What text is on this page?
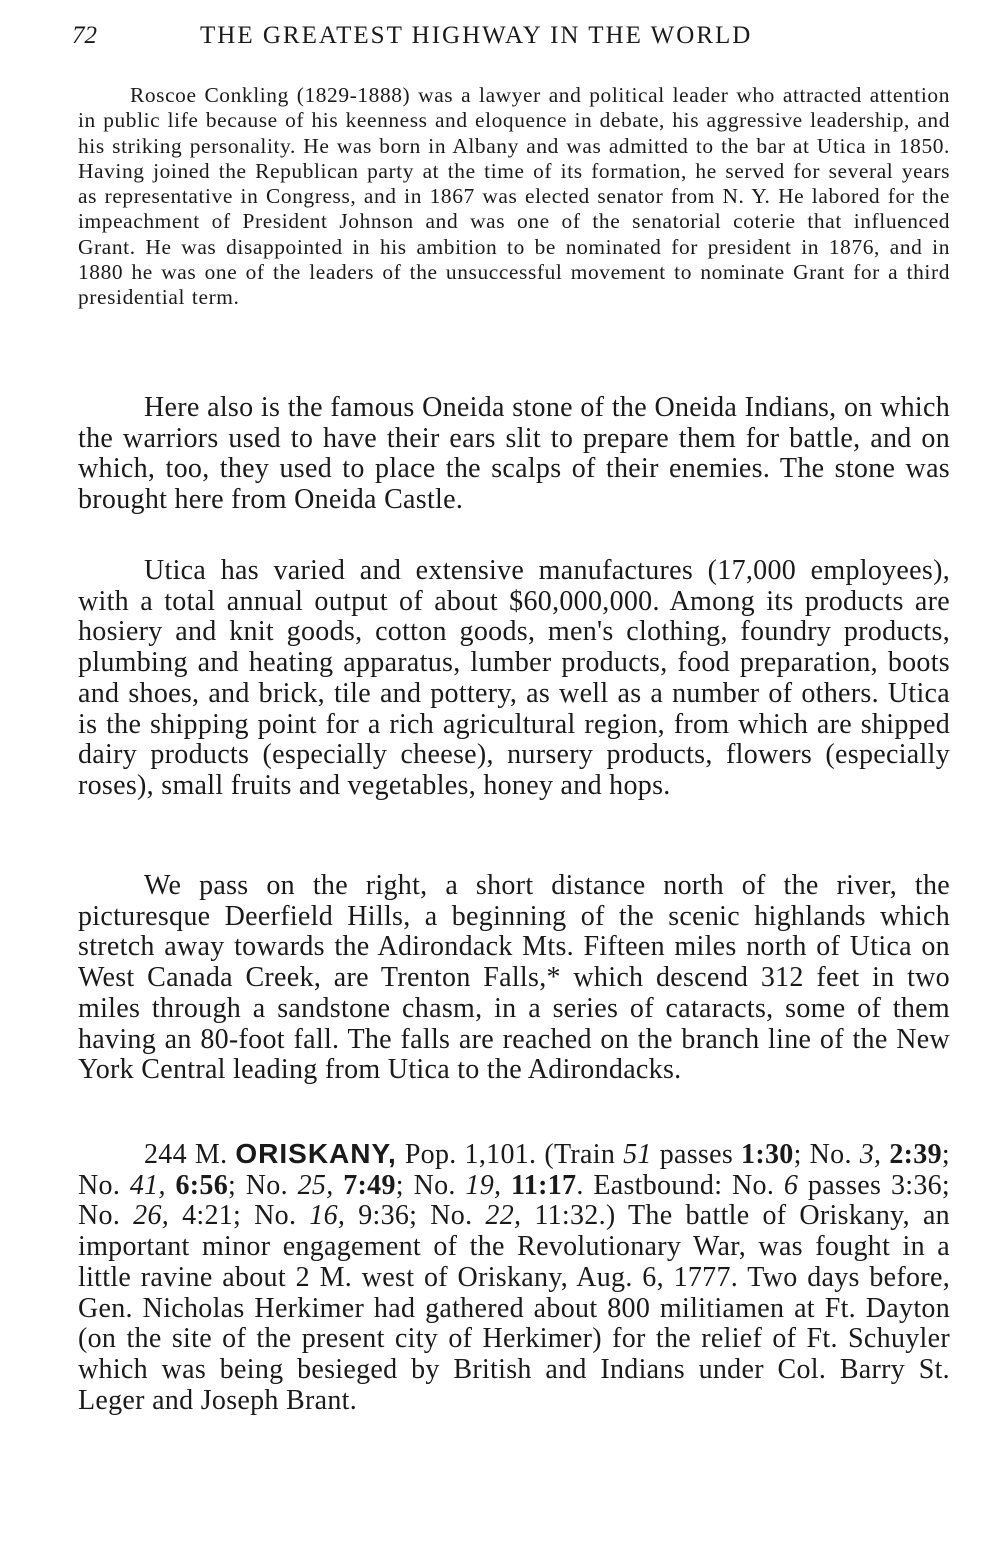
72	THE GREATEST HIGHWAY IN THE WORLD
Roscoe Conkling (1829-1888) was a lawyer and political leader who attracted attention in public life because of his keenness and eloquence in debate, his aggressive leadership, and his striking personality. He was born in Albany and was admitted to the bar at Utica in 1850. Having joined the Republican party at the time of its formation, he served for several years as representative in Congress, and in 1867 was elected senator from N. Y. He labored for the impeachment of President Johnson and was one of the senatorial coterie that influenced Grant. He was disappointed in his ambition to be nominated for president in 1876, and in 1880 he was one of the leaders of the unsuccessful movement to nominate Grant for a third presidential term.

Here also is the famous Oneida stone of the Oneida Indians, on which the warriors used to have their ears slit to prepare them for battle, and on which, too, they used to place the scalps of their enemies. The stone was brought here from Oneida Castle.

Utica has varied and extensive manufactures (17,000 employees), with a total annual output of about $60,000,000. Among its products are hosiery and knit goods, cotton goods, men's clothing, foundry products, plumbing and heating apparatus, lumber products, food preparation, boots and shoes, and brick, tile and pottery, as well as a number of others. Utica is the shipping point for a rich agricultural region, from which are shipped dairy products (especially cheese), nursery products, flowers (especially roses), small fruits and vegetables, honey and hops.

We pass on the right, a short distance north of the river, the picturesque Deerfield Hills, a beginning of the scenic highlands which stretch away towards the Adirondack Mts. Fifteen miles north of Utica on West Canada Creek, are Trenton Falls,* which descend 312 feet in two miles through a sandstone chasm, in a series of cataracts, some of them having an 80-foot fall. The falls are reached on the branch line of the New York Central leading from Utica to the Adirondacks.

244 M. ORISKANY, Pop. 1,101. (Train 51 passes 1:30; No. 3, 2:39; No. 41, 6:56; No. 25, 7:49; No. 19, 11:17. Eastbound: No. 6 passes 3:36; No. 26, 4:21; No. 16, 9:36; No. 22, 11:32.) The battle of Oriskany, an important minor engagement of the Revolutionary War, was fought in a little ravine about 2 M. west of Oriskany, Aug. 6, 1777. Two days before, Gen. Nicholas Herkimer had gathered about 800 militiamen at Ft. Dayton (on the site of the present city of Herkimer) for the relief of Ft. Schuyler which was being besieged by British and Indians under Col. Barry St. Leger and Joseph Brant.
